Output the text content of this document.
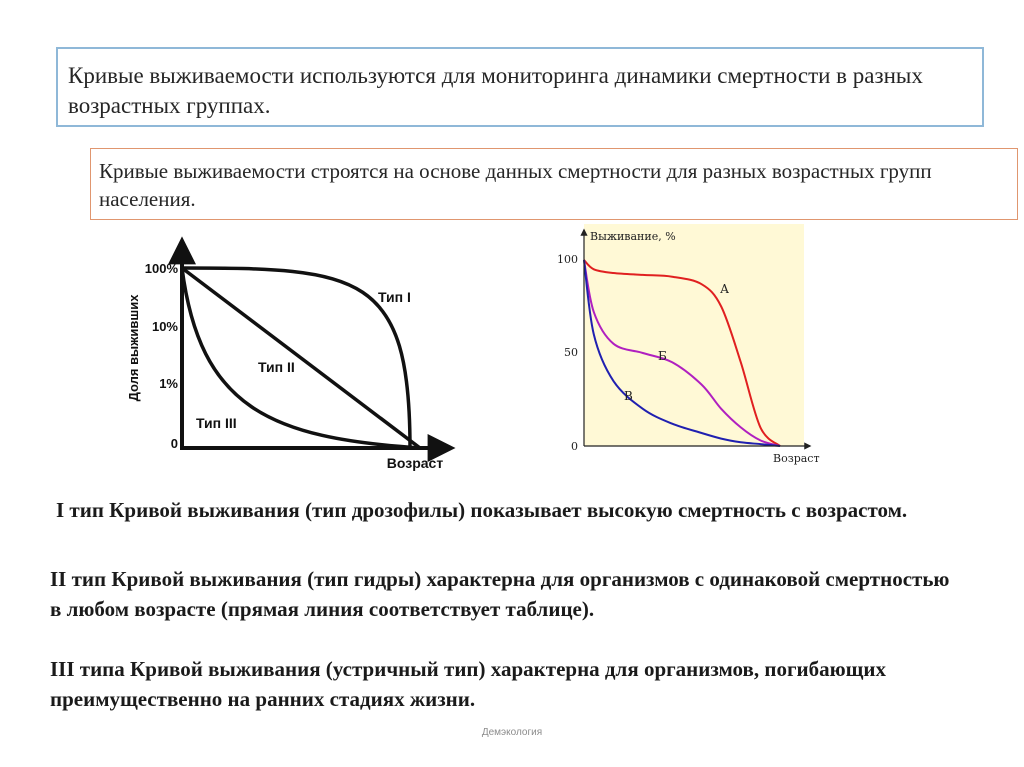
Кривые выживаемости используются для мониторинга динамики смертности в разных возрастных группах.
Кривые выживаемости строятся на основе данных смертности для разных возрастных групп населения.
Тип I
Тип II
Тип III
100%
10%
1%
0
Доля выживших
Возраст
Выживание, %
Возраст
100
50
0
А
Б
В
I тип Кривой выживания (тип дрозофилы) показывает высокую смертность с возрастом.
II тип Кривой выживания (тип гидры) характерна для организмов с одинаковой смертностью в любом возрасте (прямая линия соответствует таблице).
III типа Кривой выживания (устричный тип) характерна для организмов, погибающих преимущественно на ранних стадиях жизни.
Демэкология
